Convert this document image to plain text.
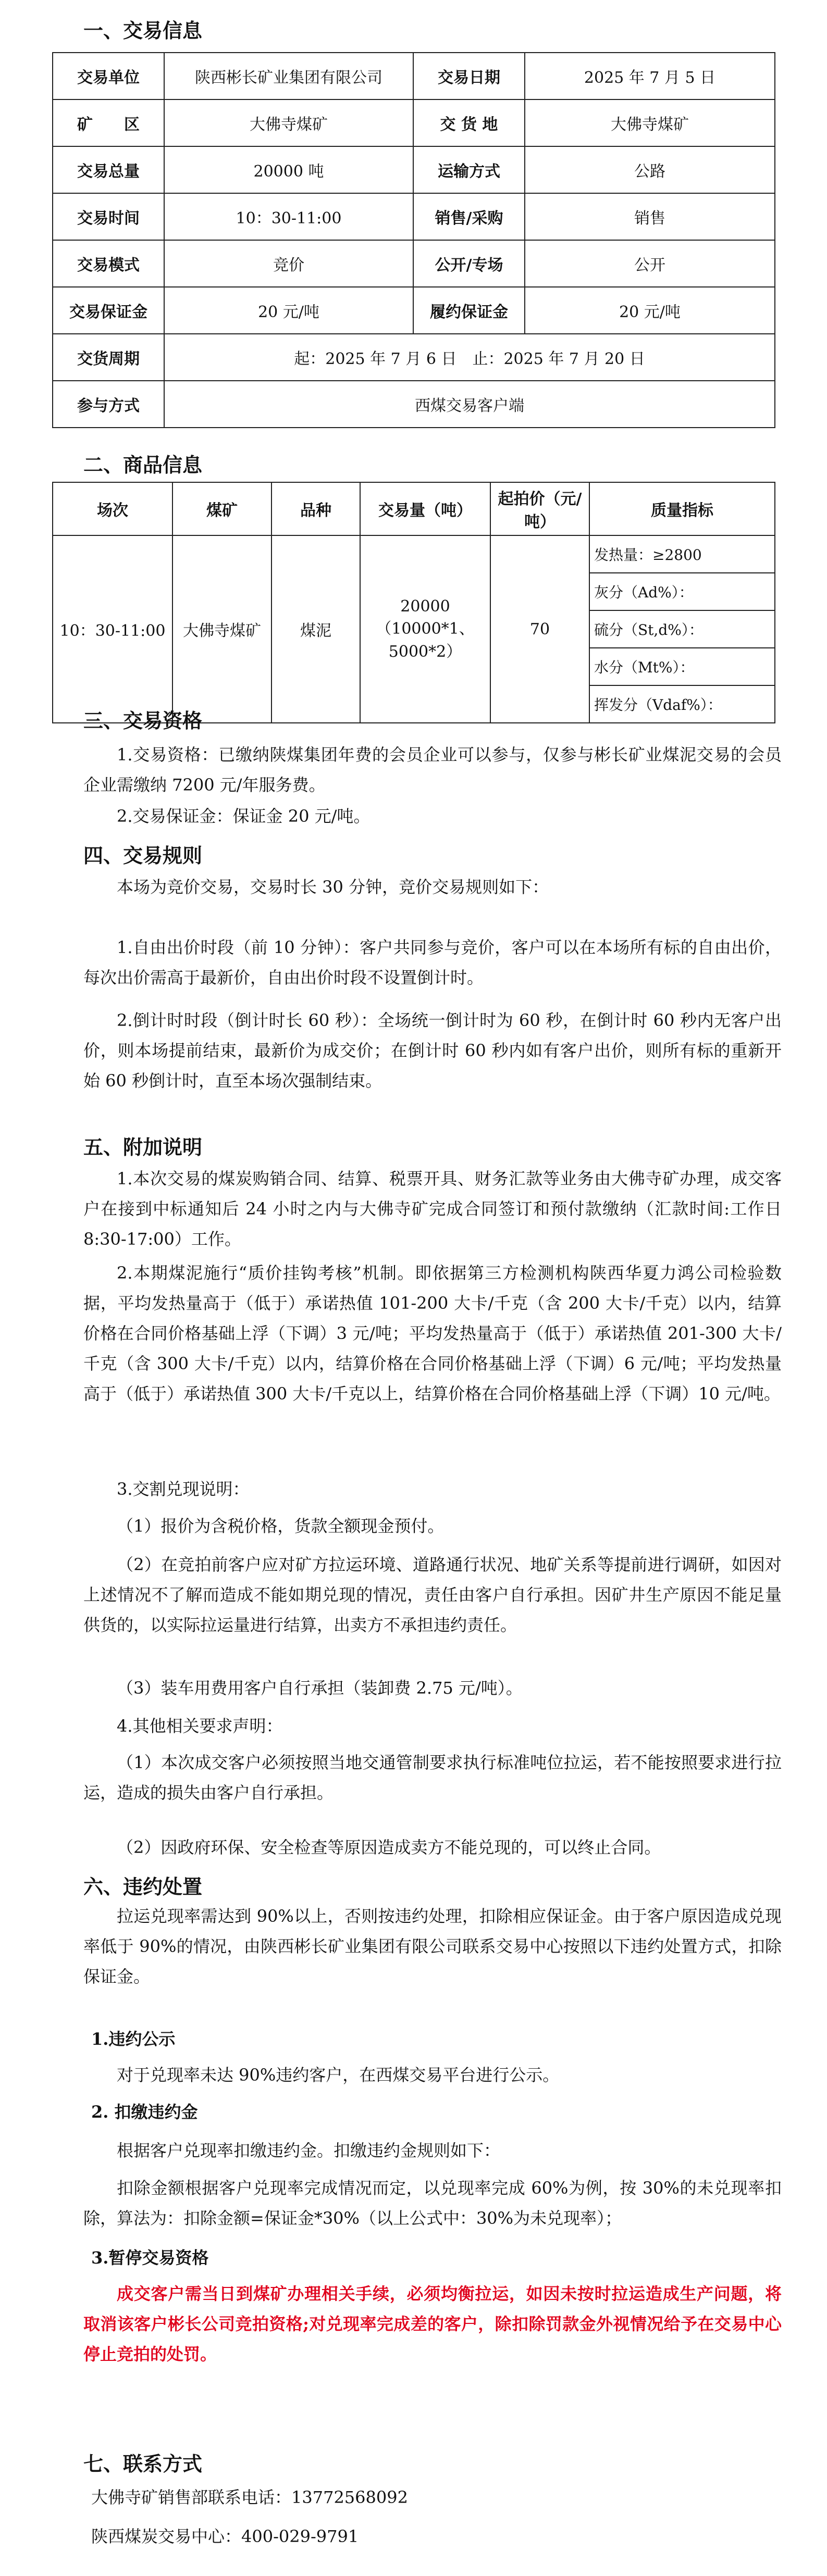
一、交易信息
交易单位	陕西彬长矿业集团有限公司	交易日期	2025 年 7 月 5 日
矿　　区	大佛寺煤矿	交 货 地	大佛寺煤矿
交易总量	20000 吨	运输方式	公路
交易时间	10：30-11:00	销售/采购	销售
交易模式	竞价	公开/专场	公开
交易保证金	20 元/吨	履约保证金	20 元/吨
交货周期	起：2025 年 7 月 6 日　止：2025 年 7 月 20 日		
参与方式	西煤交易客户端		
二、商品信息
场次	煤矿	品种	交易量（吨）	起拍价（元/吨）	质量指标
10：30-11:00	大佛寺煤矿	煤泥	20000（10000*1、5000*2）	70	发热量：≥2800
					灰分（Ad%）：
					硫分（St,d%）：
					水分（Mt%）：
					挥发分（Vdaf%）：
三、交易资格
1.交易资格：已缴纳陕煤集团年费的会员企业可以参与，仅参与彬长矿业煤泥交易的会员企业需缴纳 7200 元/年服务费。
2.交易保证金：保证金 20 元/吨。
四、交易规则
本场为竞价交易，交易时长 30 分钟，竞价交易规则如下：
1.自由出价时段（前 10 分钟）：客户共同参与竞价，客户可以在本场所有标的自由出价，每次出价需高于最新价，自由出价时段不设置倒计时。
2.倒计时时段（倒计时长 60 秒）：全场统一倒计时为 60 秒，在倒计时 60 秒内无客户出价，则本场提前结束，最新价为成交价；在倒计时 60 秒内如有客户出价，则所有标的重新开始 60 秒倒计时，直至本场次强制结束。
五、附加说明
1.本次交易的煤炭购销合同、结算、税票开具、财务汇款等业务由大佛寺矿办理，成交客户在接到中标通知后 24 小时之内与大佛寺矿完成合同签订和预付款缴纳（汇款时间:工作日 8:30-17:00）工作。
2.本期煤泥施行“质价挂钩考核”机制。即依据第三方检测机构陕西华夏力鸿公司检验数据，平均发热量高于（低于）承诺热值 101-200 大卡/千克（含 200 大卡/千克）以内，结算价格在合同价格基础上浮（下调）3 元/吨；平均发热量高于（低于）承诺热值 201-300 大卡/千克（含 300 大卡/千克）以内，结算价格在合同价格基础上浮（下调）6 元/吨；平均发热量高于（低于）承诺热值 300 大卡/千克以上，结算价格在合同价格基础上浮（下调）10 元/吨。
3.交割兑现说明：
（1）报价为含税价格，货款全额现金预付。
（2）在竞拍前客户应对矿方拉运环境、道路通行状况、地矿关系等提前进行调研，如因对上述情况不了解而造成不能如期兑现的情况，责任由客户自行承担。因矿井生产原因不能足量供货的，以实际拉运量进行结算，出卖方不承担违约责任。
（3）装车用费用客户自行承担（装卸费 2.75 元/吨）。
4.其他相关要求声明：
（1）本次成交客户必须按照当地交通管制要求执行标准吨位拉运，若不能按照要求进行拉运，造成的损失由客户自行承担。
（2）因政府环保、安全检查等原因造成卖方不能兑现的，可以终止合同。
六、违约处置
拉运兑现率需达到 90%以上，否则按违约处理，扣除相应保证金。由于客户原因造成兑现率低于 90%的情况，由陕西彬长矿业集团有限公司联系交易中心按照以下违约处置方式，扣除保证金。
1.违约公示
对于兑现率未达 90%违约客户，在西煤交易平台进行公示。
2. 扣缴违约金
根据客户兑现率扣缴违约金。扣缴违约金规则如下：
扣除金额根据客户兑现率完成情况而定，以兑现率完成 60%为例，按 30%的未兑现率扣除，算法为：扣除金额=保证金*30%（以上公式中：30%为未兑现率）；
3.暂停交易资格
成交客户需当日到煤矿办理相关手续，必须均衡拉运，如因未按时拉运造成生产问题，将取消该客户彬长公司竞拍资格;对兑现率完成差的客户，除扣除罚款金外视情况给予在交易中心停止竞拍的处罚。
七、联系方式
大佛寺矿销售部联系电话：13772568092
陕西煤炭交易中心：400-029-9791
